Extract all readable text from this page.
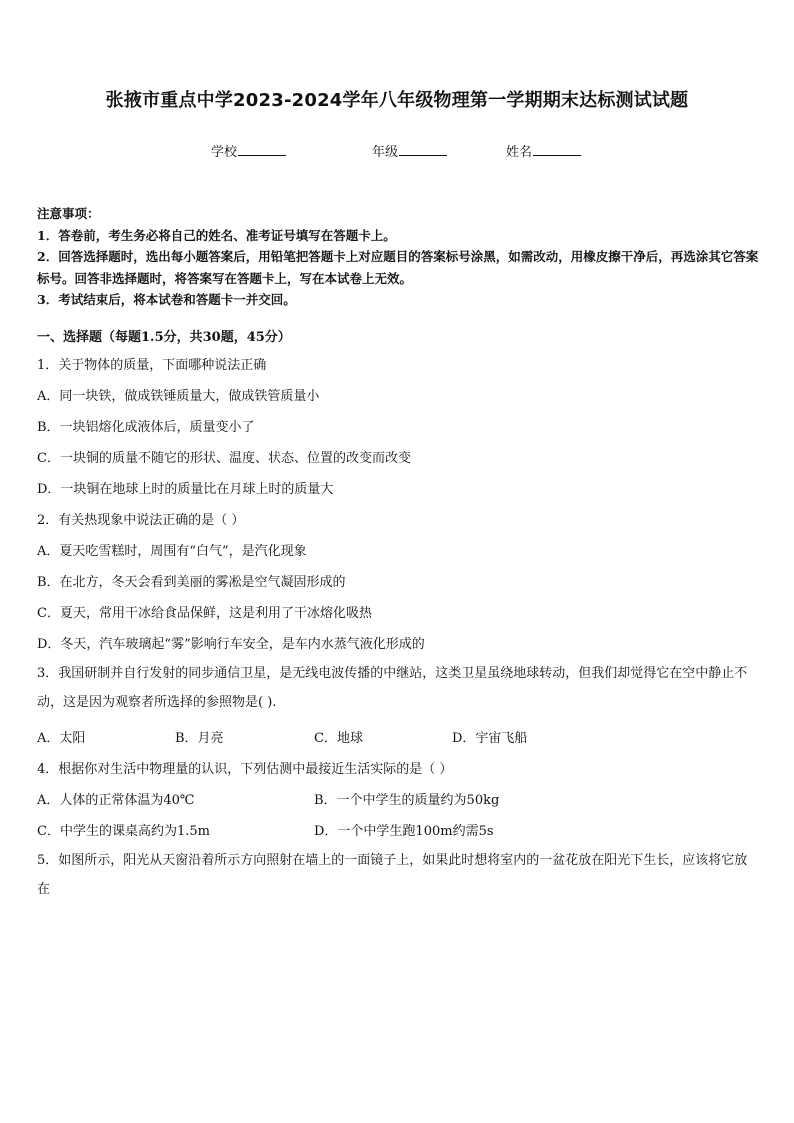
张掖市重点中学2023-2024学年八年级物理第一学期期末达标测试试题
学校	年级	姓名
注意事项：
1．答卷前，考生务必将自己的姓名、准考证号填写在答题卡上。
2．回答选择题时，选出每小题答案后，用铅笔把答题卡上对应题目的答案标号涂黑，如需改动，用橡皮擦干净后，再选涂其它答案标号。回答非选择题时，将答案写在答题卡上，写在本试卷上无效。
3．考试结束后，将本试卷和答题卡一并交回。
一、选择题（每题1.5分，共30题，45分）
1．关于物体的质量，下面哪种说法正确
A．同一块铁，做成铁锤质量大，做成铁管质量小
B．一块铝熔化成液体后，质量变小了
C．一块铜的质量不随它的形状、温度、状态、位置的改变而改变
D．一块铜在地球上时的质量比在月球上时的质量大
2．有关热现象中说法正确的是（ ）
A．夏天吃雪糕时，周围有“白气”，是汽化现象
B．在北方，冬天会看到美丽的雾凇是空气凝固形成的
C．夏天，常用干冰给食品保鲜，这是利用了干冰熔化吸热
D．冬天，汽车玻璃起“雾”影响行车安全，是车内水蒸气液化形成的
3．我国研制并自行发射的同步通信卫星，是无线电波传播的中继站，这类卫星虽绕地球转动，但我们却觉得它在空中静止不动，这是因为观察者所选择的参照物是( ).
A．太阳	B．月亮	C．地球	D．宇宙飞船
4．根据你对生活中物理量的认识，下列估测中最接近生活实际的是（ ）
A．人体的正常体温为40℃	B．一个中学生的质量约为50kg
C．中学生的课桌高约为1.5m	D．一个中学生跑100m约需5s
5．如图所示，阳光从天窗沿着所示方向照射在墙上的一面镜子上，如果此时想将室内的一盆花放在阳光下生长，应该将它放在
